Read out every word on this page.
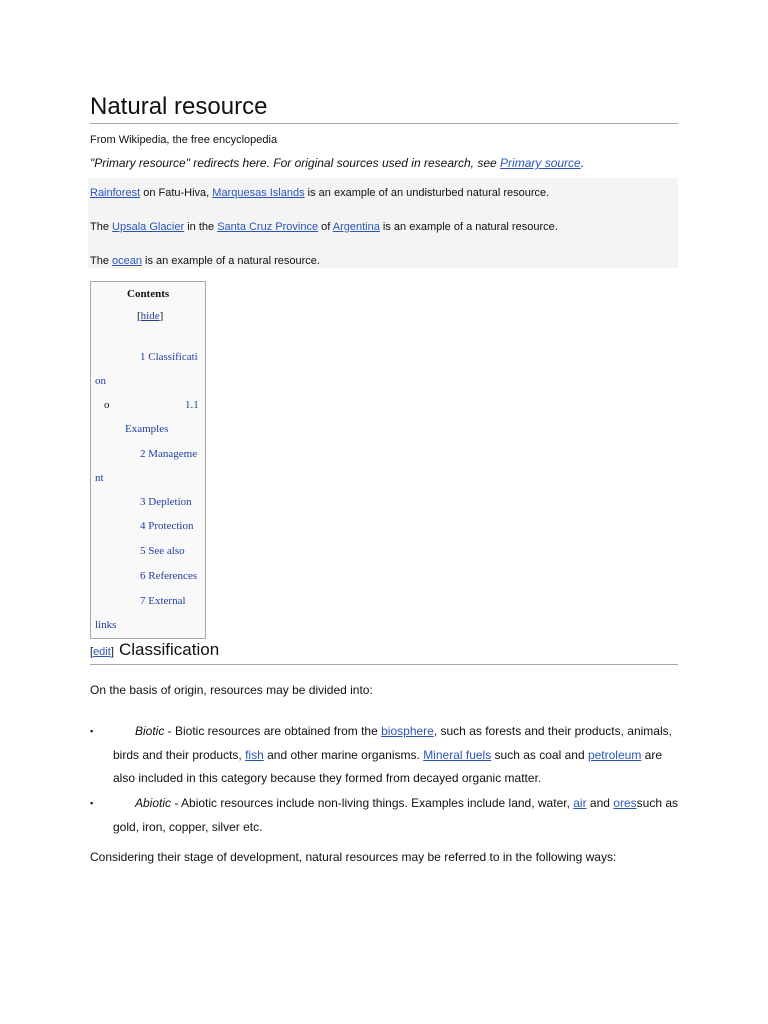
Natural resource
From Wikipedia, the free encyclopedia
"Primary resource" redirects here. For original sources used in research, see Primary source.
Rainforest on Fatu-Hiva, Marquesas Islands is an example of an undisturbed natural resource.
The Upsala Glacier in the Santa Cruz Province of Argentina is an example of a natural resource.
The ocean is an example of a natural resource.
Contents
[hide]
1 Classificati
on
o	1.1
Examples
2 Manageme
nt
3 Depletion
4 Protection
5 See also
6 References
7 External
links
[edit] Classification
On the basis of origin, resources may be divided into:
▪	Biotic - Biotic resources are obtained from the biosphere, such as forests and their products, animals,
birds and their products, fish and other marine organisms. Mineral fuels such as coal and petroleum are
also included in this category because they formed from decayed organic matter.
▪	Abiotic - Abiotic resources include non-living things. Examples include land, water, air and oressuch as
gold, iron, copper, silver etc.
Considering their stage of development, natural resources may be referred to in the following ways:
